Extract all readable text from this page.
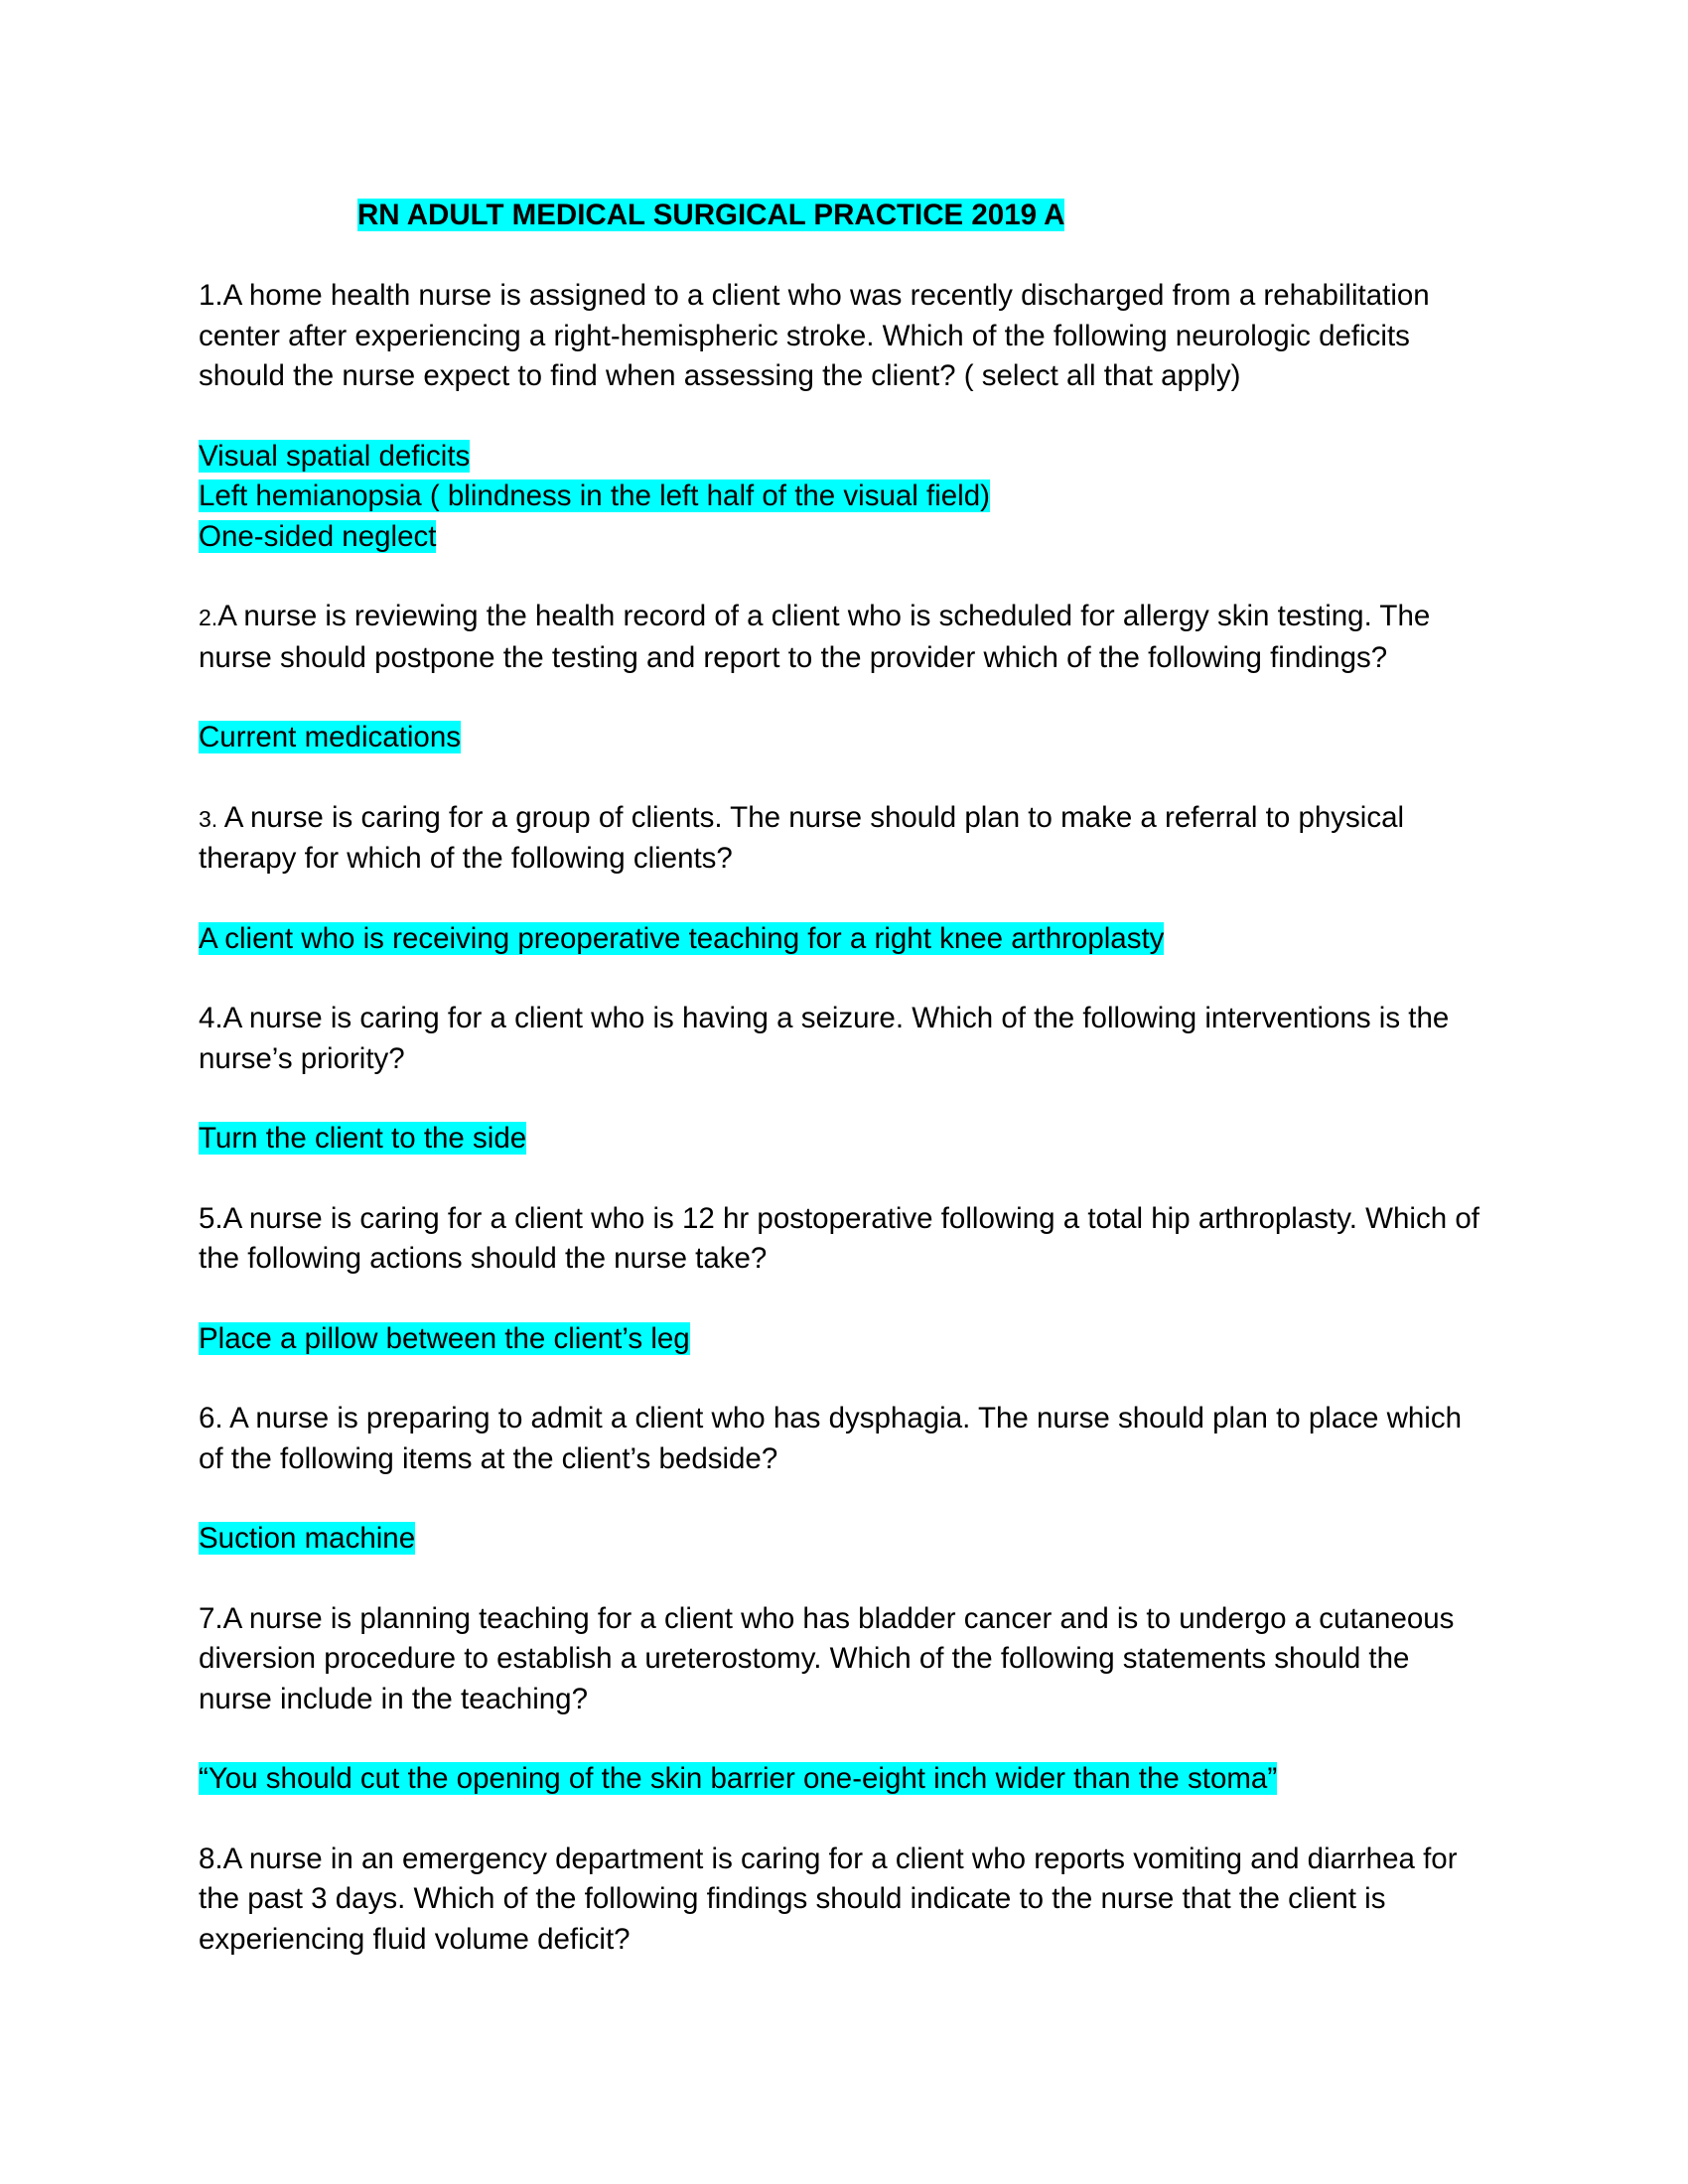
RN ADULT MEDICAL SURGICAL PRACTICE 2019 A

1.A home health nurse is assigned to a client who was recently discharged from a rehabilitation center after experiencing a right-hemispheric stroke. Which of the following neurologic deficits should the nurse expect to find when assessing the client? ( select all that apply)

Visual spatial deficits

Left hemianopsia ( blindness in the left half of the visual field)

One-sided neglect

2.A nurse is reviewing the health record of a client who is scheduled for allergy skin testing. The nurse should postpone the testing and report to the provider which of the following findings?

Current medications

3. A nurse is caring for a group of clients. The nurse should plan to make a referral to physical therapy for which of the following clients?

A client who is receiving preoperative teaching for a right knee arthroplasty

4.A nurse is caring for a client who is having a seizure. Which of the following interventions is the nurse’s priority?

Turn the client to the side

5.A nurse is caring for a client who is 12 hr postoperative following a total hip arthroplasty. Which of the following actions should the nurse take?

Place a pillow between the client’s leg

6. A nurse is preparing to admit a client who has dysphagia. The nurse should plan to place which of the following items at the client’s bedside?

Suction machine

7.A nurse is planning teaching for a client who has bladder cancer and is to undergo a cutaneous diversion procedure to establish a ureterostomy. Which of the following statements should the nurse include in the teaching?

“You should cut the opening of the skin barrier one-eight inch wider than the stoma”

8.A nurse in an emergency department is caring for a client who reports vomiting and diarrhea for the past 3 days. Which of the following findings should indicate to the nurse that the client is experiencing fluid volume deficit?
